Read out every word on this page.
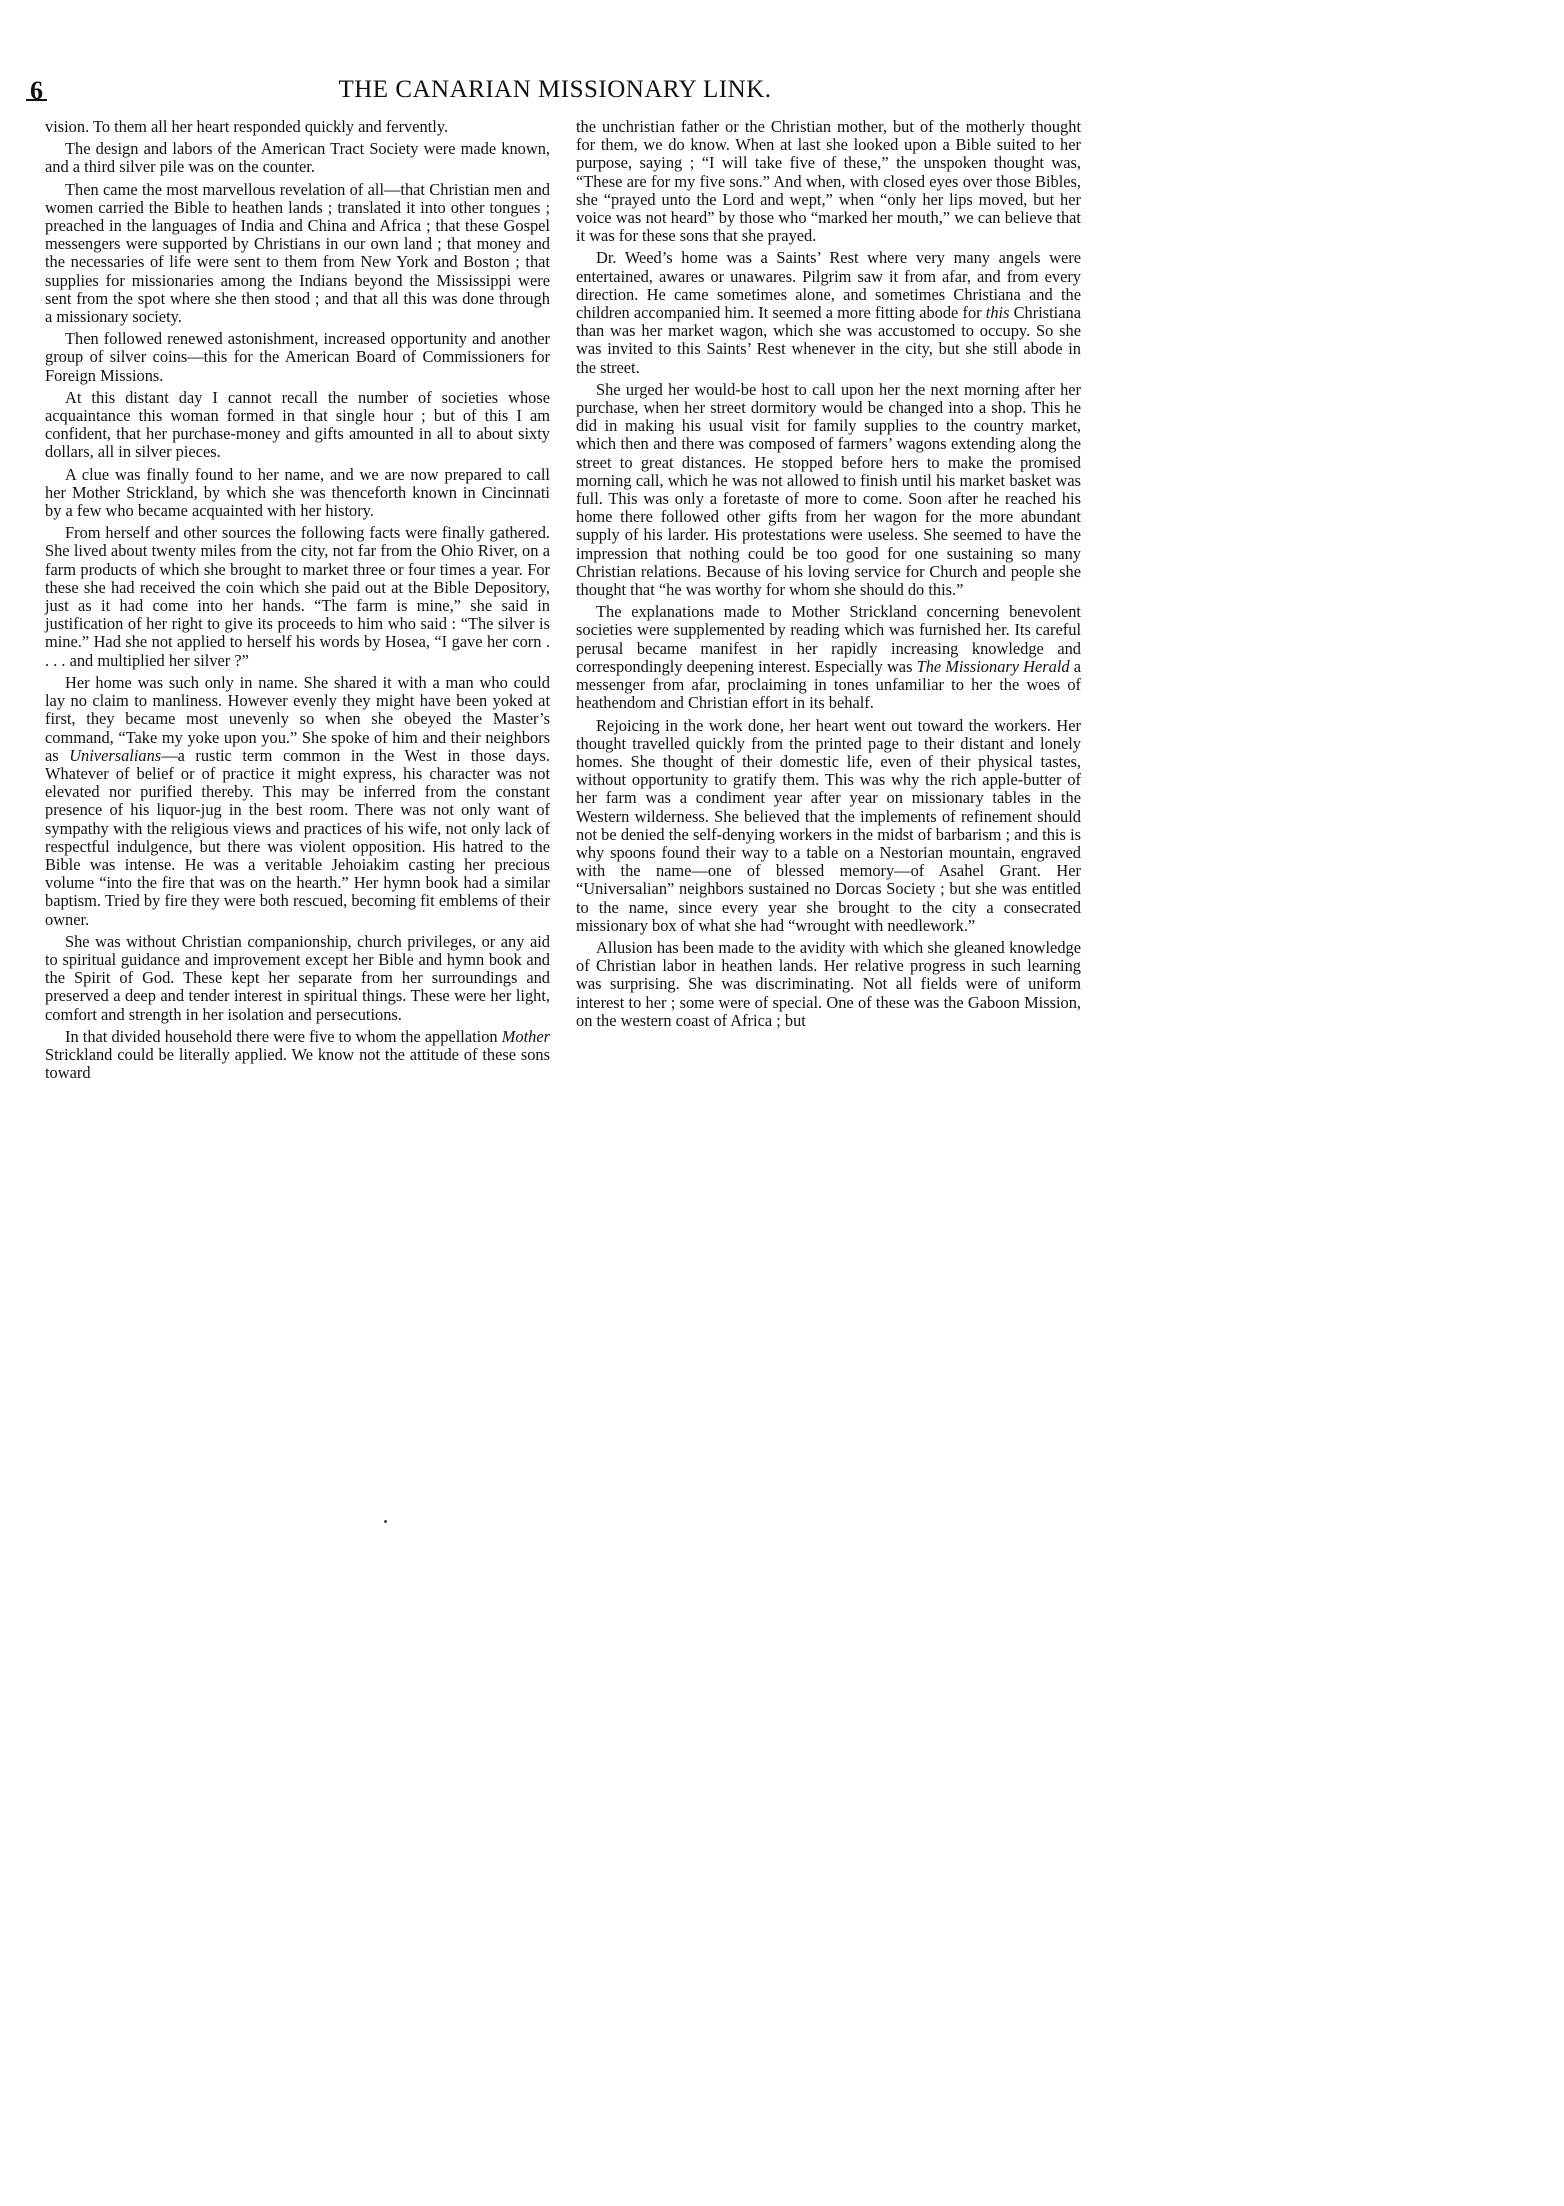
6	THE CANARIAN MISSIONARY LINK.

vision. To them all her heart responded quickly and fervently.

The design and labors of the American Tract Society were made known, and a third silver pile was on the counter.

Then came the most marvellous revelation of all—that Christian men and women carried the Bible to heathen lands ; translated it into other tongues ; preached in the languages of India and China and Africa ; that these Gospel messengers were supported by Christians in our own land ; that money and the necessaries of life were sent to them from New York and Boston ; that supplies for missionaries among the Indians beyond the Mississippi were sent from the spot where she then stood ; and that all this was done through a missionary society.

Then followed renewed astonishment, increased opportunity and another group of silver coins—this for the American Board of Commissioners for Foreign Missions.

At this distant day I cannot recall the number of societies whose acquaintance this woman formed in that single hour ; but of this I am confident, that her purchase-money and gifts amounted in all to about sixty dollars, all in silver pieces.

A clue was finally found to her name, and we are now prepared to call her Mother Strickland, by which she was thenceforth known in Cincinnati by a few who became acquainted with her history.

From herself and other sources the following facts were finally gathered. She lived about twenty miles from the city, not far from the Ohio River, on a farm products of which she brought to market three or four times a year. For these she had received the coin which she paid out at the Bible Depository, just as it had come into her hands. “The farm is mine,” she said in justification of her right to give its proceeds to him who said : “The silver is mine.” Had she not applied to herself his words by Hosea, “I gave her corn . . . . and multiplied her silver ?”

Her home was such only in name. She shared it with a man who could lay no claim to manliness. However evenly they might have been yoked at first, they became most unevenly so when she obeyed the Master’s command, “Take my yoke upon you.” She spoke of him and their neighbors as Universalians—a rustic term common in the West in those days. Whatever of belief or of practice it might express, his character was not elevated nor purified thereby. This may be inferred from the constant presence of his liquor-jug in the best room. There was not only want of sympathy with the religious views and practices of his wife, not only lack of respectful indulgence, but there was violent opposition. His hatred to the Bible was intense. He was a veritable Jehoiakim casting her precious volume “into the fire that was on the hearth.” Her hymn book had a similar baptism. Tried by fire they were both rescued, becoming fit emblems of their owner.

She was without Christian companionship, church privileges, or any aid to spiritual guidance and improvement except her Bible and hymn book and the Spirit of God. These kept her separate from her surroundings and preserved a deep and tender interest in spiritual things. These were her light, comfort and strength in her isolation and persecutions.

In that divided household there were five to whom the appellation Mother Strickland could be literally applied. We know not the attitude of these sons toward

the unchristian father or the Christian mother, but of the motherly thought for them, we do know. When at last she looked upon a Bible suited to her purpose, saying ; “I will take five of these,” the unspoken thought was, “These are for my five sons.” And when, with closed eyes over those Bibles, she “prayed unto the Lord and wept,” when “only her lips moved, but her voice was not heard” by those who “marked her mouth,” we can believe that it was for these sons that she prayed.

Dr. Weed’s home was a Saints’ Rest where very many angels were entertained, awares or unawares. Pilgrim saw it from afar, and from every direction. He came sometimes alone, and sometimes Christiana and the children accompanied him. It seemed a more fitting abode for this Christiana than was her market wagon, which she was accustomed to occupy. So she was invited to this Saints’ Rest whenever in the city, but she still abode in the street.

She urged her would-be host to call upon her the next morning after her purchase, when her street dormitory would be changed into a shop. This he did in making his usual visit for family supplies to the country market, which then and there was composed of farmers’ wagons extending along the street to great distances. He stopped before hers to make the promised morning call, which he was not allowed to finish until his market basket was full. This was only a foretaste of more to come. Soon after he reached his home there followed other gifts from her wagon for the more abundant supply of his larder. His protestations were useless. She seemed to have the impression that nothing could be too good for one sustaining so many Christian relations. Because of his loving service for Church and people she thought that “he was worthy for whom she should do this.”

The explanations made to Mother Strickland concerning benevolent societies were supplemented by reading which was furnished her. Its careful perusal became manifest in her rapidly increasing knowledge and correspondingly deepening interest. Especially was The Missionary Herald a messenger from afar, proclaiming in tones unfamiliar to her the woes of heathendom and Christian effort in its behalf.

Rejoicing in the work done, her heart went out toward the workers. Her thought travelled quickly from the printed page to their distant and lonely homes. She thought of their domestic life, even of their physical tastes, without opportunity to gratify them. This was why the rich apple-butter of her farm was a condiment year after year on missionary tables in the Western wilderness. She believed that the implements of refinement should not be denied the self-denying workers in the midst of barbarism ; and this is why spoons found their way to a table on a Nestorian mountain, engraved with the name—one of blessed memory—of Asahel Grant. Her “Universalian” neighbors sustained no Dorcas Society ; but she was entitled to the name, since every year she brought to the city a consecrated missionary box of what she had “wrought with needlework.”

Allusion has been made to the avidity with which she gleaned knowledge of Christian labor in heathen lands. Her relative progress in such learning was surprising. She was discriminating. Not all fields were of uniform interest to her ; some were of special. One of these was the Gaboon Mission, on the western coast of Africa ; but
